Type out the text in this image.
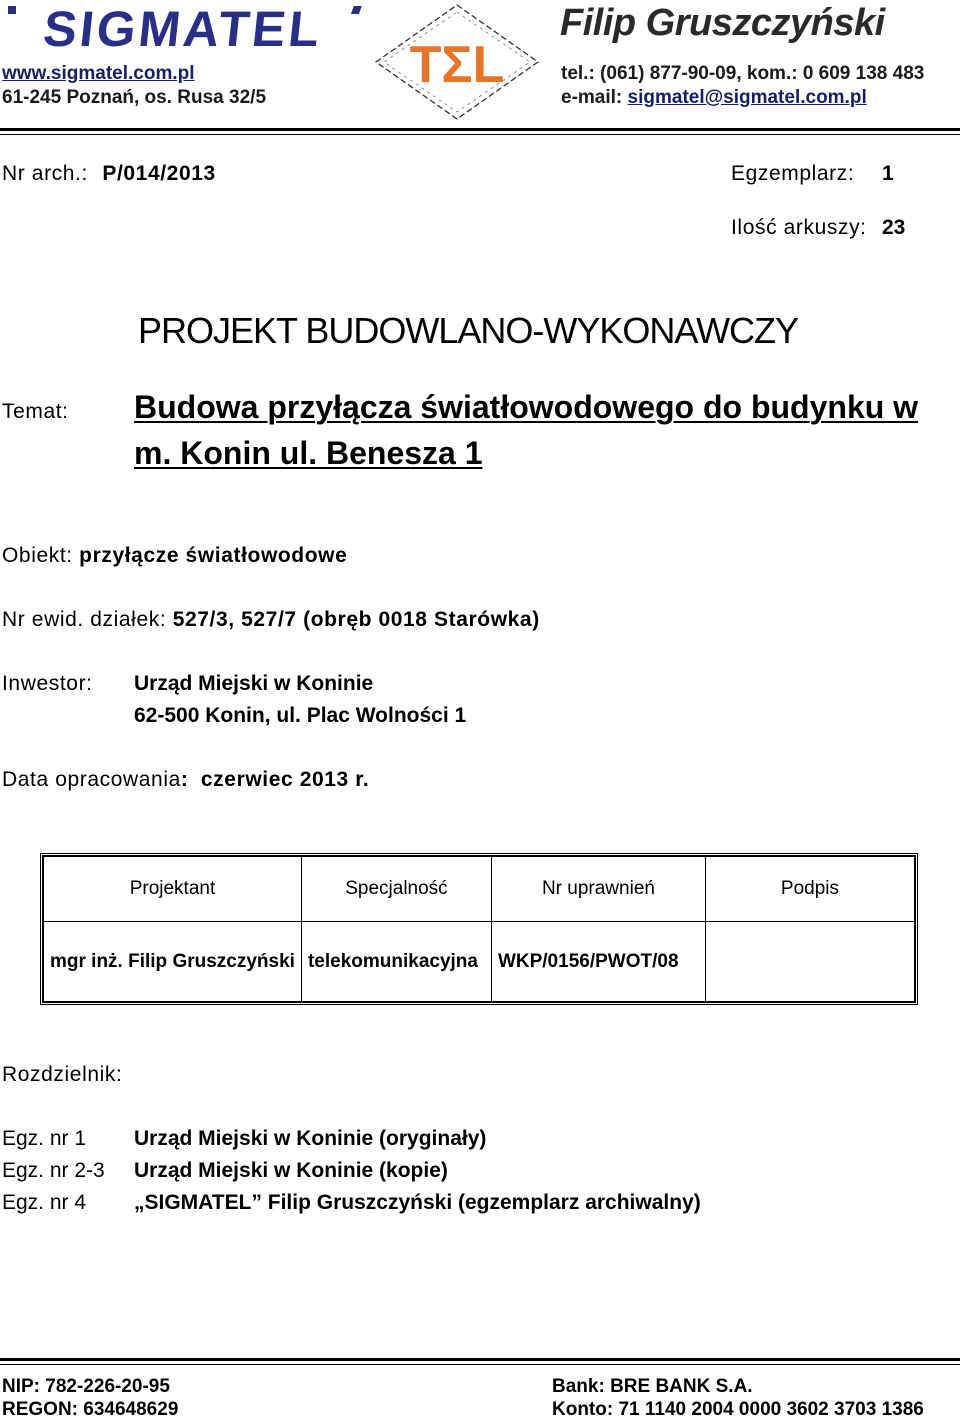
SIGMATEL
TΣL
Filip Gruszczyński
www.sigmatel.com.pl
61-245 Poznań, os. Rusa 32/5
tel.: (061) 877-90-09, kom.: 0 609 138 483
e-mail: sigmatel@sigmatel.com.pl
Nr arch.: P/014/2013	Egzemplarz: 1
Ilość arkuszy: 23
PROJEKT BUDOWLANO-WYKONAWCZY
Temat: Budowa przyłącza światłowodowego do budynku w
m. Konin ul. Benesza 1
Obiekt: przyłącze światłowodowe
Nr ewid. działek: 527/3, 527/7 (obręb 0018 Starówka)
Inwestor: Urząd Miejski w Koninie
62-500 Konin, ul. Plac Wolności 1
Data opracowania: czerwiec 2013 r.
Projektant	Specjalność	Nr uprawnień	Podpis
mgr inż. Filip Gruszczyński	telekomunikacyjna	WKP/0156/PWOT/08	
Rozdzielnik:
Egz. nr 1 Urząd Miejski w Koninie (oryginały)
Egz. nr 2-3 Urząd Miejski w Koninie (kopie)
Egz. nr 4 „SIGMATEL” Filip Gruszczyński (egzemplarz archiwalny)
NIP: 782-226-20-95
REGON: 634648629
Bank: BRE BANK S.A.
Konto: 71 1140 2004 0000 3602 3703 1386
